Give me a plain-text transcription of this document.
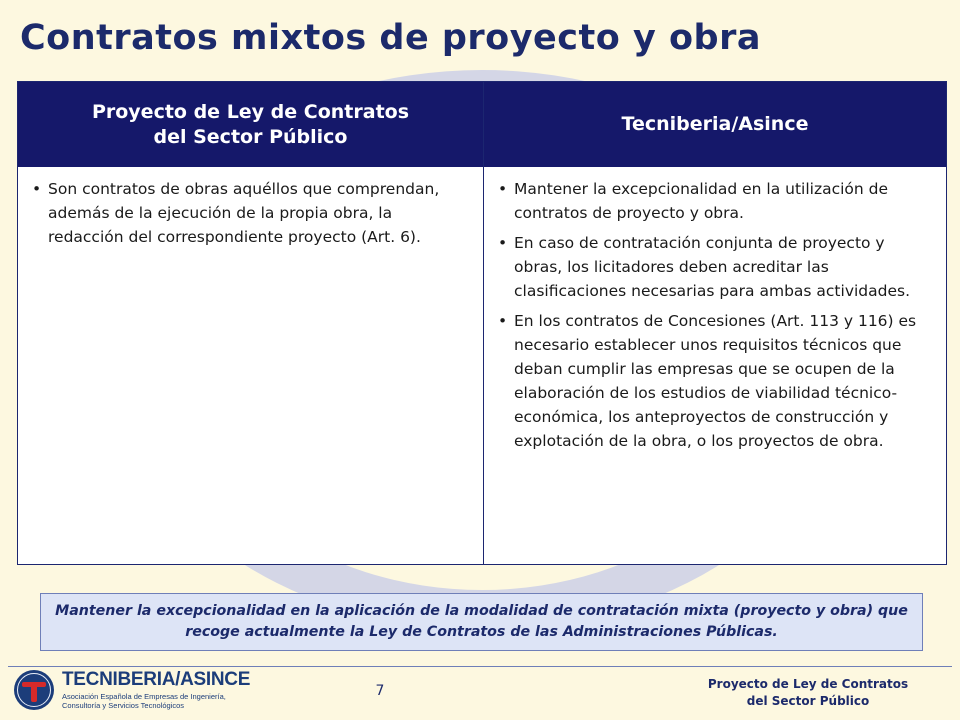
Contratos mixtos de proyecto y obra
Proyecto de Ley de Contratos
del Sector Público
• Son contratos de obras aquéllos que comprendan, además de la ejecución de la propia obra, la redacción del correspondiente proyecto (Art. 6).
Tecniberia/Asince
• Mantener la excepcionalidad en la utilización de contratos de proyecto y obra.
• En caso de contratación conjunta de proyecto y obras, los licitadores deben acreditar las clasificaciones necesarias para ambas actividades.
• En los contratos de Concesiones (Art. 113 y 116) es necesario establecer unos requisitos técnicos que deban cumplir las empresas que se ocupen de la elaboración de los estudios de viabilidad técnico-económica, los anteproyectos de construcción y explotación de la obra, o los proyectos de obra.
Mantener la excepcionalidad en la aplicación de la modalidad de contratación mixta (proyecto y obra) que recoge actualmente la Ley de Contratos de las Administraciones Públicas.
TECNIBERIA/ASINCE
Asociación Española de Empresas de Ingeniería,
Consultoría y Servicios Tecnológicos
7	Proyecto de Ley de Contratos
del Sector Público
